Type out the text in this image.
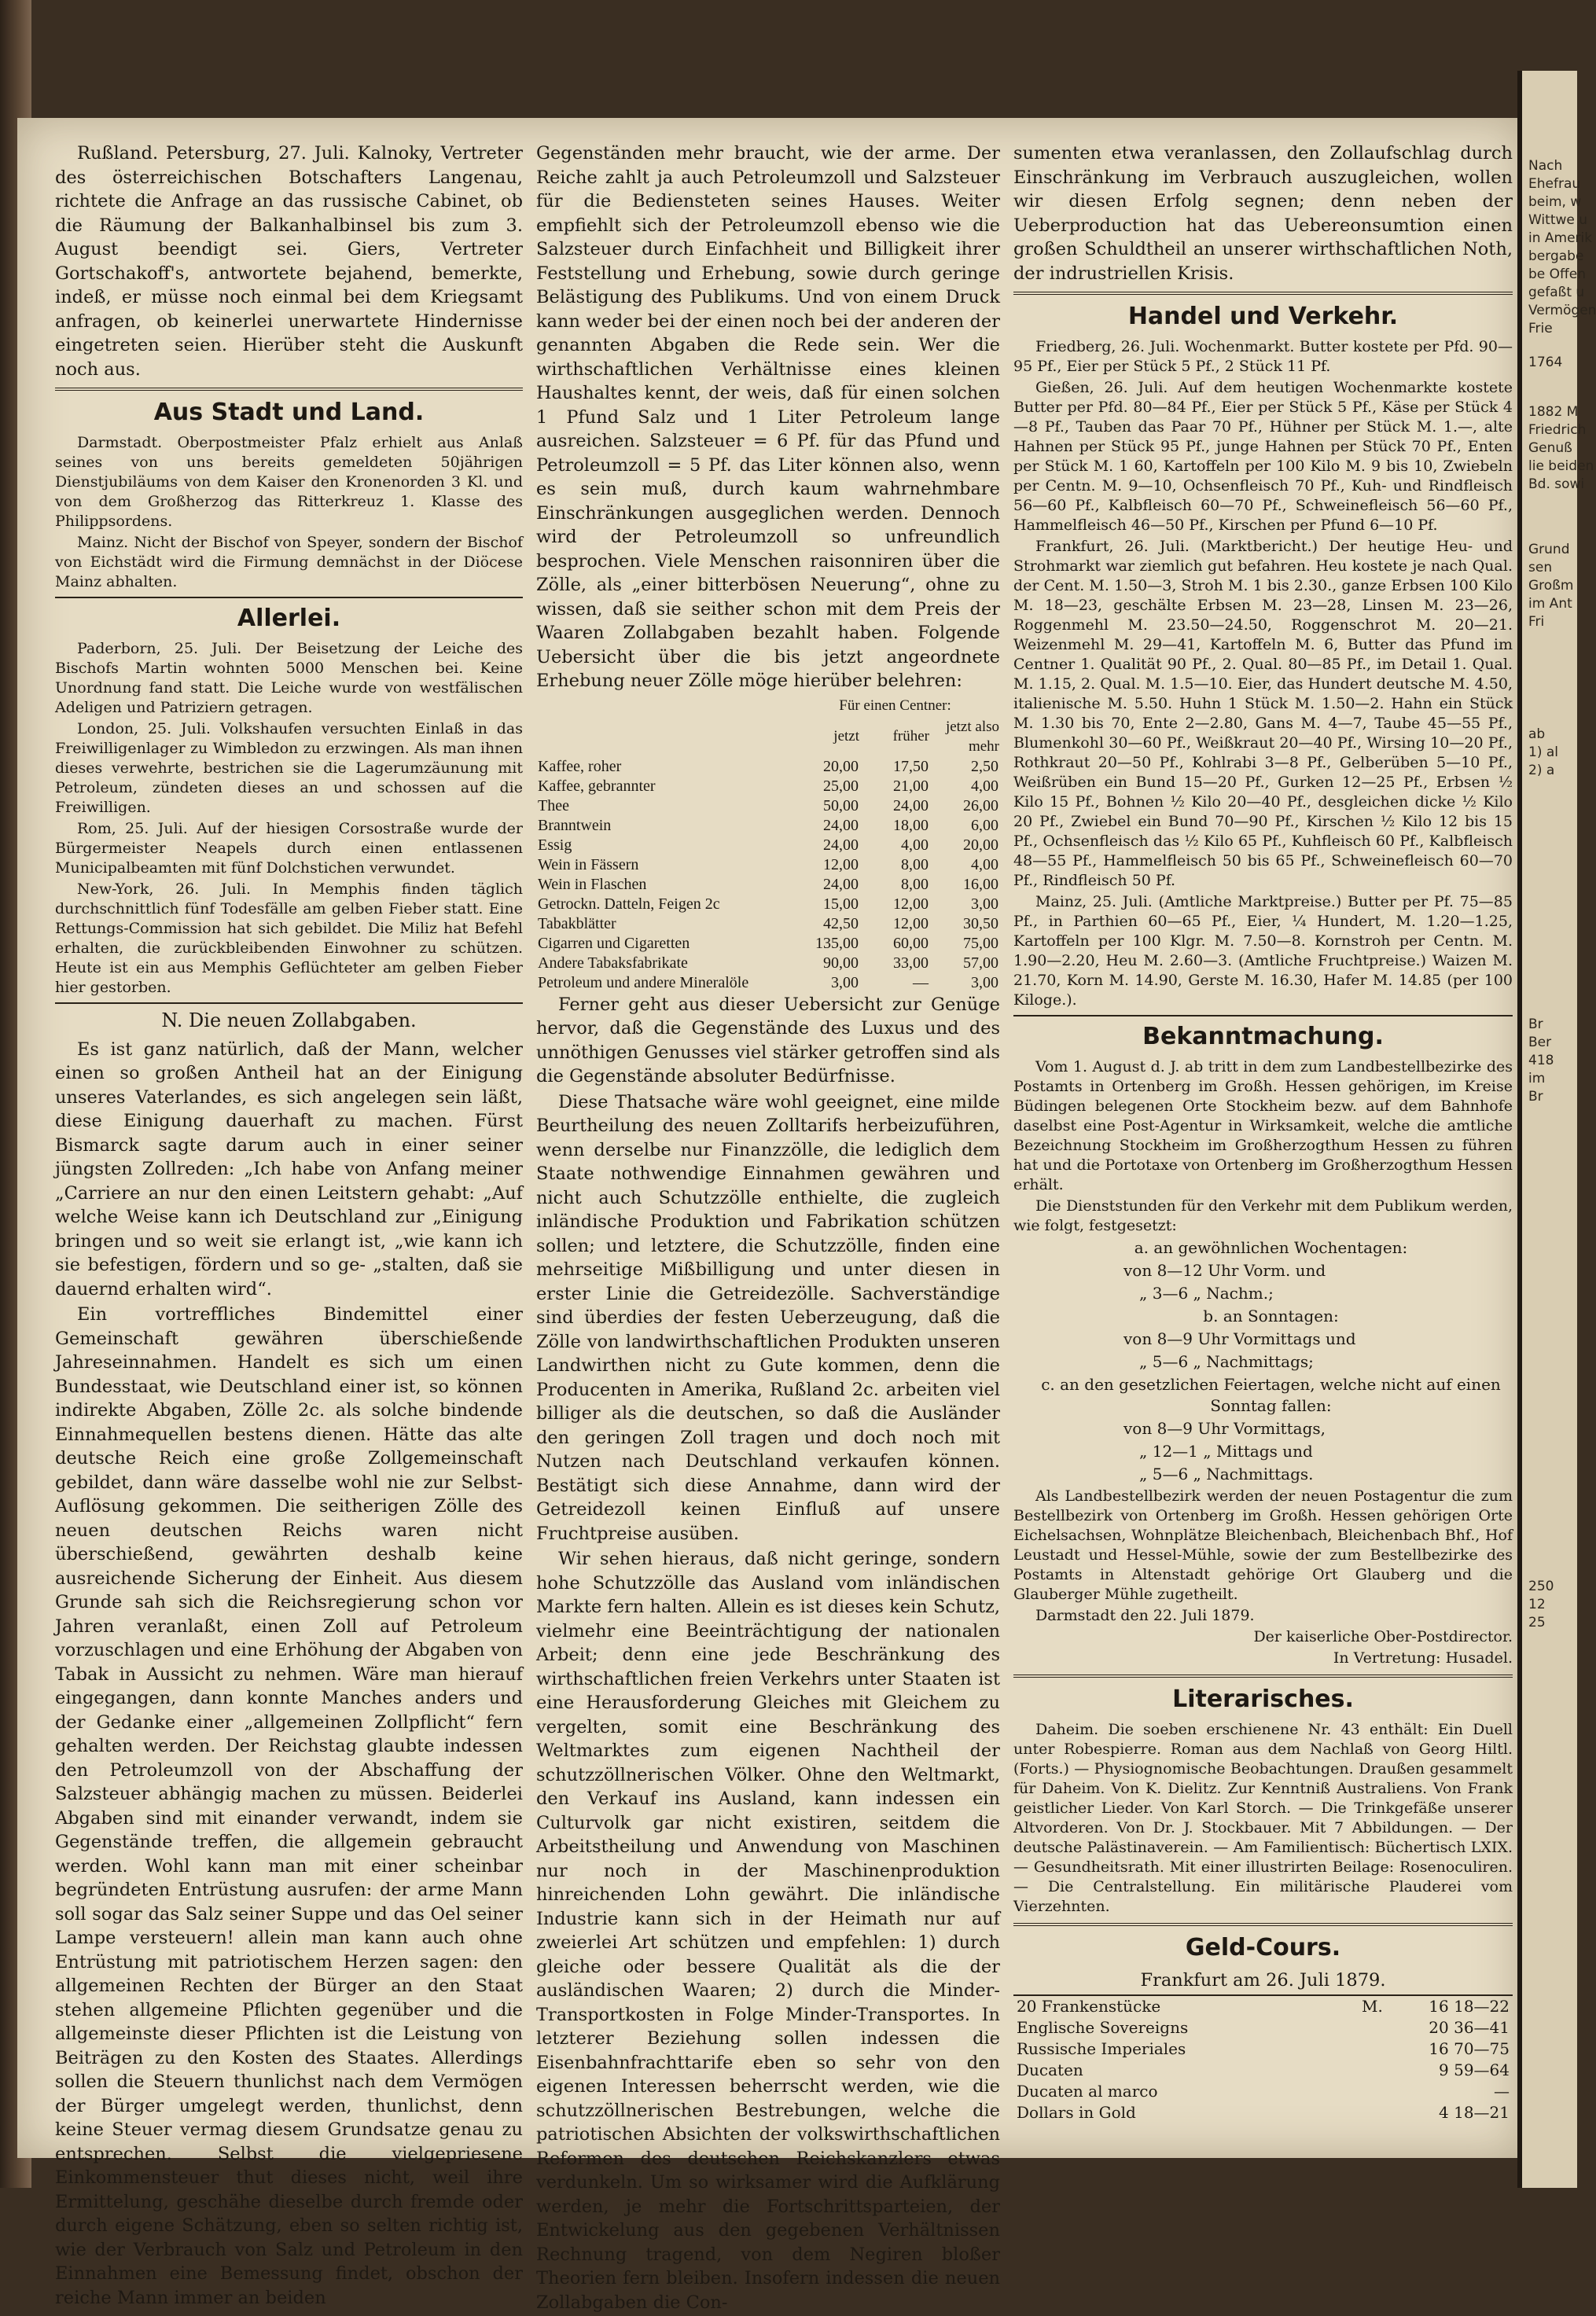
Rußland. Petersburg, 27. Juli. Kalnoky, Vertreter des österreichischen Botschafters Langenau, richtete die Anfrage an das russische Cabinet, ob die Räumung der Balkanhalbinsel bis zum 3. August beendigt sei. Giers, Vertreter Gortschakoff's, antwortete bejahend, bemerkte, indeß, er müsse noch einmal bei dem Kriegsamt anfragen, ob keinerlei unerwartete Hindernisse eingetreten seien. Hierüber steht die Auskunft noch aus.

Aus Stadt und Land.

Darmstadt. Oberpostmeister Pfalz erhielt aus Anlaß seines von uns bereits gemeldeten 50jährigen Dienstjubiläums von dem Kaiser den Kronenorden 3 Kl. und von dem Großherzog das Ritterkreuz 1. Klasse des Philippsordens.

Mainz. Nicht der Bischof von Speyer, sondern der Bischof von Eichstädt wird die Firmung demnächst in der Diöcese Mainz abhalten.

Allerlei.

Paderborn, 25. Juli. Der Beisetzung der Leiche des Bischofs Martin wohnten 5000 Menschen bei. Keine Unordnung fand statt. Die Leiche wurde von westfälischen Adeligen und Patriziern getragen.

London, 25. Juli. Volkshaufen versuchten Einlaß in das Freiwilligenlager zu Wimbledon zu erzwingen. Als man ihnen dieses verwehrte, bestrichen sie die Lagerumzäunung mit Petroleum, zündeten dieses an und schossen auf die Freiwilligen.

Rom, 25. Juli. Auf der hiesigen Corsostraße wurde der Bürgermeister Neapels durch einen entlassenen Municipalbeamten mit fünf Dolchstichen verwundet.

New-York, 26. Juli. In Memphis finden täglich durchschnittlich fünf Todesfälle am gelben Fieber statt. Eine Rettungs-Commission hat sich gebildet. Die Miliz hat Befehl erhalten, die zurückbleibenden Einwohner zu schützen. Heute ist ein aus Memphis Geflüchteter am gelben Fieber hier gestorben.

N. Die neuen Zollabgaben.

Es ist ganz natürlich, daß der Mann, welcher einen so großen Antheil hat an der Einigung unseres Vaterlandes, es sich angelegen sein läßt, diese Einigung dauerhaft zu machen. Fürst Bismarck sagte darum auch in einer seiner jüngsten Zollreden: „Ich habe von Anfang meiner „Carriere an nur den einen Leitstern gehabt: „Auf welche Weise kann ich Deutschland zur „Einigung bringen und so weit sie erlangt ist, „wie kann ich sie befestigen, fördern und so ge- „stalten, daß sie dauernd erhalten wird“.

Ein vortreffliches Bindemittel einer Gemeinschaft gewähren überschießende Jahreseinnahmen. Handelt es sich um einen Bundesstaat, wie Deutschland einer ist, so können indirekte Abgaben, Zölle 2c. als solche bindende Einnahmequellen bestens dienen. Hätte das alte deutsche Reich eine große Zollgemeinschaft gebildet, dann wäre dasselbe wohl nie zur Selbst-Auflösung gekommen. Die seitherigen Zölle des neuen deutschen Reichs waren nicht überschießend, gewährten deshalb keine ausreichende Sicherung der Einheit. Aus diesem Grunde sah sich die Reichsregierung schon vor Jahren veranlaßt, einen Zoll auf Petroleum vorzuschlagen und eine Erhöhung der Abgaben von Tabak in Aussicht zu nehmen. Wäre man hierauf eingegangen, dann konnte Manches anders und der Gedanke einer „allgemeinen Zollpflicht“ fern gehalten werden. Der Reichstag glaubte indessen den Petroleumzoll von der Abschaffung der Salzsteuer abhängig machen zu müssen. Beiderlei Abgaben sind mit einander verwandt, indem sie Gegenstände treffen, die allgemein gebraucht werden. Wohl kann man mit einer scheinbar begründeten Entrüstung ausrufen: der arme Mann soll sogar das Salz seiner Suppe und das Oel seiner Lampe versteuern! allein man kann auch ohne Entrüstung mit patriotischem Herzen sagen: den allgemeinen Rechten der Bürger an den Staat stehen allgemeine Pflichten gegenüber und die allgemeinste dieser Pflichten ist die Leistung von Beiträgen zu den Kosten des Staates. Allerdings sollen die Steuern thunlichst nach dem Vermögen der Bürger umgelegt werden, thunlichst, denn keine Steuer vermag diesem Grundsatze genau zu entsprechen. Selbst die vielgepriesene Einkommensteuer thut dieses nicht, weil ihre Ermittelung, geschähe dieselbe durch fremde oder durch eigene Schätzung, eben so selten richtig ist, wie der Verbrauch von Salz und Petroleum in den Einnahmen eine Bemessung findet, obschon der reiche Mann immer an beiden

Gegenständen mehr braucht, wie der arme. Der Reiche zahlt ja auch Petroleumzoll und Salzsteuer für die Bediensteten seines Hauses. Weiter empfiehlt sich der Petroleumzoll ebenso wie die Salzsteuer durch Einfachheit und Billigkeit ihrer Feststellung und Erhebung, sowie durch geringe Belästigung des Publikums. Und von einem Druck kann weder bei der einen noch bei der anderen der genannten Abgaben die Rede sein. Wer die wirthschaftlichen Verhältnisse eines kleinen Haushaltes kennt, der weis, daß für einen solchen 1 Pfund Salz und 1 Liter Petroleum lange ausreichen. Salzsteuer = 6 Pf. für das Pfund und Petroleumzoll = 5 Pf. das Liter können also, wenn es sein muß, durch kaum wahrnehmbare Einschränkungen ausgeglichen werden. Dennoch wird der Petroleumzoll so unfreundlich besprochen. Viele Menschen raisonniren über die Zölle, als „einer bitterbösen Neuerung“, ohne zu wissen, daß sie seither schon mit dem Preis der Waaren Zollabgaben bezahlt haben. Folgende Uebersicht über die bis jetzt angeordnete Erhebung neuer Zölle möge hierüber belehren:

	Für einen Centner:		
	jetzt	früher	jetzt also mehr
Kaffee, roher	20,00	17,50	2,50
Kaffee, gebrannter	25,00	21,00	4,00
Thee	50,00	24,00	26,00
Branntwein	24,00	18,00	6,00
Essig	24,00	4,00	20,00
Wein in Fässern	12,00	8,00	4,00
Wein in Flaschen	24,00	8,00	16,00
Getrockn. Datteln, Feigen 2c	15,00	12,00	3,00
Tabakblätter	42,50	12,00	30,50
Cigarren und Cigaretten	135,00	60,00	75,00
Andere Tabaksfabrikate	90,00	33,00	57,00
Petroleum und andere Mineralöle	3,00	—	3,00

Ferner geht aus dieser Uebersicht zur Genüge hervor, daß die Gegenstände des Luxus und des unnöthigen Genusses viel stärker getroffen sind als die Gegenstände absoluter Bedürfnisse.

Diese Thatsache wäre wohl geeignet, eine milde Beurtheilung des neuen Zolltarifs herbeizuführen, wenn derselbe nur Finanzzölle, die lediglich dem Staate nothwendige Einnahmen gewähren und nicht auch Schutzzölle enthielte, die zugleich inländische Produktion und Fabrikation schützen sollen; und letztere, die Schutzzölle, finden eine mehrseitige Mißbilligung und unter diesen in erster Linie die Getreidezölle. Sachverständige sind überdies der festen Ueberzeugung, daß die Zölle von landwirthschaftlichen Produkten unseren Landwirthen nicht zu Gute kommen, denn die Producenten in Amerika, Rußland 2c. arbeiten viel billiger als die deutschen, so daß die Ausländer den geringen Zoll tragen und doch noch mit Nutzen nach Deutschland verkaufen können. Bestätigt sich diese Annahme, dann wird der Getreidezoll keinen Einfluß auf unsere Fruchtpreise ausüben.

Wir sehen hieraus, daß nicht geringe, sondern hohe Schutzzölle das Ausland vom inländischen Markte fern halten. Allein es ist dieses kein Schutz, vielmehr eine Beeinträchtigung der nationalen Arbeit; denn eine jede Beschränkung des wirthschaftlichen freien Verkehrs unter Staaten ist eine Herausforderung Gleiches mit Gleichem zu vergelten, somit eine Beschränkung des Weltmarktes zum eigenen Nachtheil der schutzzöllnerischen Völker. Ohne den Weltmarkt, den Verkauf ins Ausland, kann indessen ein Culturvolk gar nicht existiren, seitdem die Arbeitstheilung und Anwendung von Maschinen nur noch in der Maschinenproduktion hinreichenden Lohn gewährt. Die inländische Industrie kann sich in der Heimath nur auf zweierlei Art schützen und empfehlen: 1) durch gleiche oder bessere Qualität als die der ausländischen Waaren; 2) durch die Minder-Transportkosten in Folge Minder-Transportes. In letzterer Beziehung sollen indessen die Eisenbahnfrachttarife eben so sehr von den eigenen Interessen beherrscht werden, wie die schutzzöllnerischen Bestrebungen, welche die patriotischen Absichten der volkswirthschaftlichen Reformen des deutschen Reichskanzlers etwas verdunkeln. Um so wirksamer wird die Aufklärung werden, je mehr die Fortschrittsparteien, der Entwickelung aus den gegebenen Verhältnissen Rechnung tragend, von dem Negiren bloßer Theorien fern bleiben. Insofern indessen die neuen Zollabgaben die Con-

sumenten etwa veranlassen, den Zollaufschlag durch Einschränkung im Verbrauch auszugleichen, wollen wir diesen Erfolg segnen; denn neben der Ueberproduction hat das Uebereonsumtion einen großen Schuldtheil an unserer wirthschaftlichen Noth, der indrustriellen Krisis.

Handel und Verkehr.

Friedberg, 26. Juli. Wochenmarkt. Butter kostete per Pfd. 90—95 Pf., Eier per Stück 5 Pf., 2 Stück 11 Pf.

Gießen, 26. Juli. Auf dem heutigen Wochenmarkte kostete Butter per Pfd. 80—84 Pf., Eier per Stück 5 Pf., Käse per Stück 4—8 Pf., Tauben das Paar 70 Pf., Hühner per Stück M. 1.—, alte Hahnen per Stück 95 Pf., junge Hahnen per Stück 70 Pf., Enten per Stück M. 1 60, Kartoffeln per 100 Kilo M. 9 bis 10, Zwiebeln per Centn. M. 9—10, Ochsenfleisch 70 Pf., Kuh- und Rindfleisch 56—60 Pf., Kalbfleisch 60—70 Pf., Schweinefleisch 56—60 Pf., Hammelfleisch 46—50 Pf., Kirschen per Pfund 6—10 Pf.

Frankfurt, 26. Juli. (Marktbericht.) Der heutige Heu- und Strohmarkt war ziemlich gut befahren. Heu kostete je nach Qual. der Cent. M. 1.50—3, Stroh M. 1 bis 2.30., ganze Erbsen 100 Kilo M. 18—23, geschälte Erbsen M. 23—28, Linsen M. 23—26, Roggenmehl M. 23.50—24.50, Roggenschrot M. 20—21. Weizenmehl M. 29—41, Kartoffeln M. 6, Butter das Pfund im Centner 1. Qualität 90 Pf., 2. Qual. 80—85 Pf., im Detail 1. Qual. M. 1.15, 2. Qual. M. 1.5—10. Eier, das Hundert deutsche M. 4.50, italienische M. 5.50. Huhn 1 Stück M. 1.50—2. Hahn ein Stück M. 1.30 bis 70, Ente 2—2.80, Gans M. 4—7, Taube 45—55 Pf., Blumenkohl 30—60 Pf., Weißkraut 20—40 Pf., Wirsing 10—20 Pf., Rothkraut 20—50 Pf., Kohlrabi 3—8 Pf., Gelberüben 5—10 Pf., Weißrüben ein Bund 15—20 Pf., Gurken 12—25 Pf., Erbsen ½ Kilo 15 Pf., Bohnen ½ Kilo 20—40 Pf., desgleichen dicke ½ Kilo 20 Pf., Zwiebel ein Bund 70—90 Pf., Kirschen ½ Kilo 12 bis 15 Pf., Ochsenfleisch das ½ Kilo 65 Pf., Kuhfleisch 60 Pf., Kalbfleisch 48—55 Pf., Hammelfleisch 50 bis 65 Pf., Schweinefleisch 60—70 Pf., Rindfleisch 50 Pf.

Mainz, 25. Juli. (Amtliche Marktpreise.) Butter per Pf. 75—85 Pf., in Parthien 60—65 Pf., Eier, ¼ Hundert, M. 1.20—1.25, Kartoffeln per 100 Klgr. M. 7.50—8. Kornstroh per Centn. M. 1.90—2.20, Heu M. 2.60—3. (Amtliche Fruchtpreise.) Waizen M. 21.70, Korn M. 14.90, Gerste M. 16.30, Hafer M. 14.85 (per 100 Kiloge.).

Bekanntmachung.

Vom 1. August d. J. ab tritt in dem zum Landbestellbezirke des Postamts in Ortenberg im Großh. Hessen gehörigen, im Kreise Büdingen belegenen Orte Stockheim bezw. auf dem Bahnhofe daselbst eine Post-Agentur in Wirksamkeit, welche die amtliche Bezeichnung Stockheim im Großherzogthum Hessen zu führen hat und die Portotaxe von Ortenberg im Großherzogthum Hessen erhält.

Die Dienststunden für den Verkehr mit dem Publikum werden, wie folgt, festgesetzt:

a. an gewöhnlichen Wochentagen:

von 8—12 Uhr Vorm. und

„ 3—6 „ Nachm.;

b. an Sonntagen:

von 8—9 Uhr Vormittags und

„ 5—6 „ Nachmittags;

c. an den gesetzlichen Feiertagen, welche nicht auf einen Sonntag fallen:

von 8—9 Uhr Vormittags,

„ 12—1 „ Mittags und

„ 5—6 „ Nachmittags.

Als Landbestellbezirk werden der neuen Postagentur die zum Bestellbezirk von Ortenberg im Großh. Hessen gehörigen Orte Eichelsachsen, Wohnplätze Bleichenbach, Bleichenbach Bhf., Hof Leustadt und Hessel-Mühle, sowie der zum Bestellbezirke des Postamts in Altenstadt gehörige Ort Glauberg und die Glauberger Mühle zugetheilt.

Darmstadt den 22. Juli 1879.

Der kaiserliche Ober-Postdirector.

In Vertretung: Husadel.

Literarisches.

Daheim. Die soeben erschienene Nr. 43 enthält: Ein Duell unter Robespierre. Roman aus dem Nachlaß von Georg Hiltl. (Forts.) — Physiognomische Beobachtungen. Draußen gesammelt für Daheim. Von K. Dielitz. Zur Kenntniß Australiens. Von Frank geistlicher Lieder. Von Karl Storch. — Die Trinkgefäße unserer Altvorderen. Von Dr. J. Stockbauer. Mit 7 Abbildungen. — Der deutsche Palästinaverein. — Am Familientisch: Büchertisch LXIX. — Gesundheitsrath. Mit einer illustrirten Beilage: Rosenoculiren. — Die Centralstellung. Ein militärische Plauderei vom Vierzehnten.

Geld-Cours.

Frankfurt am 26. Juli 1879.

20 Frankenstücke	M.	16 18—22
Englische Sovereigns		20 36—41
Russische Imperiales		16 70—75
Ducaten		9 59—64
Ducaten al marco		—
Dollars in Gold		4 18—21
Nach
Ehefrau
beim, w
Wittwe u
in Amerik
bergabe
be Offen
gefaßt u
Vermögen
Frie
1764
1882 M
Friedrich
Genuß
lie beiden
Bd. sowi
Grund
sen
Großm
im Ant
Fri
ab
1) al
2) a
Br
Ber
418
im
Br
250
12
25
